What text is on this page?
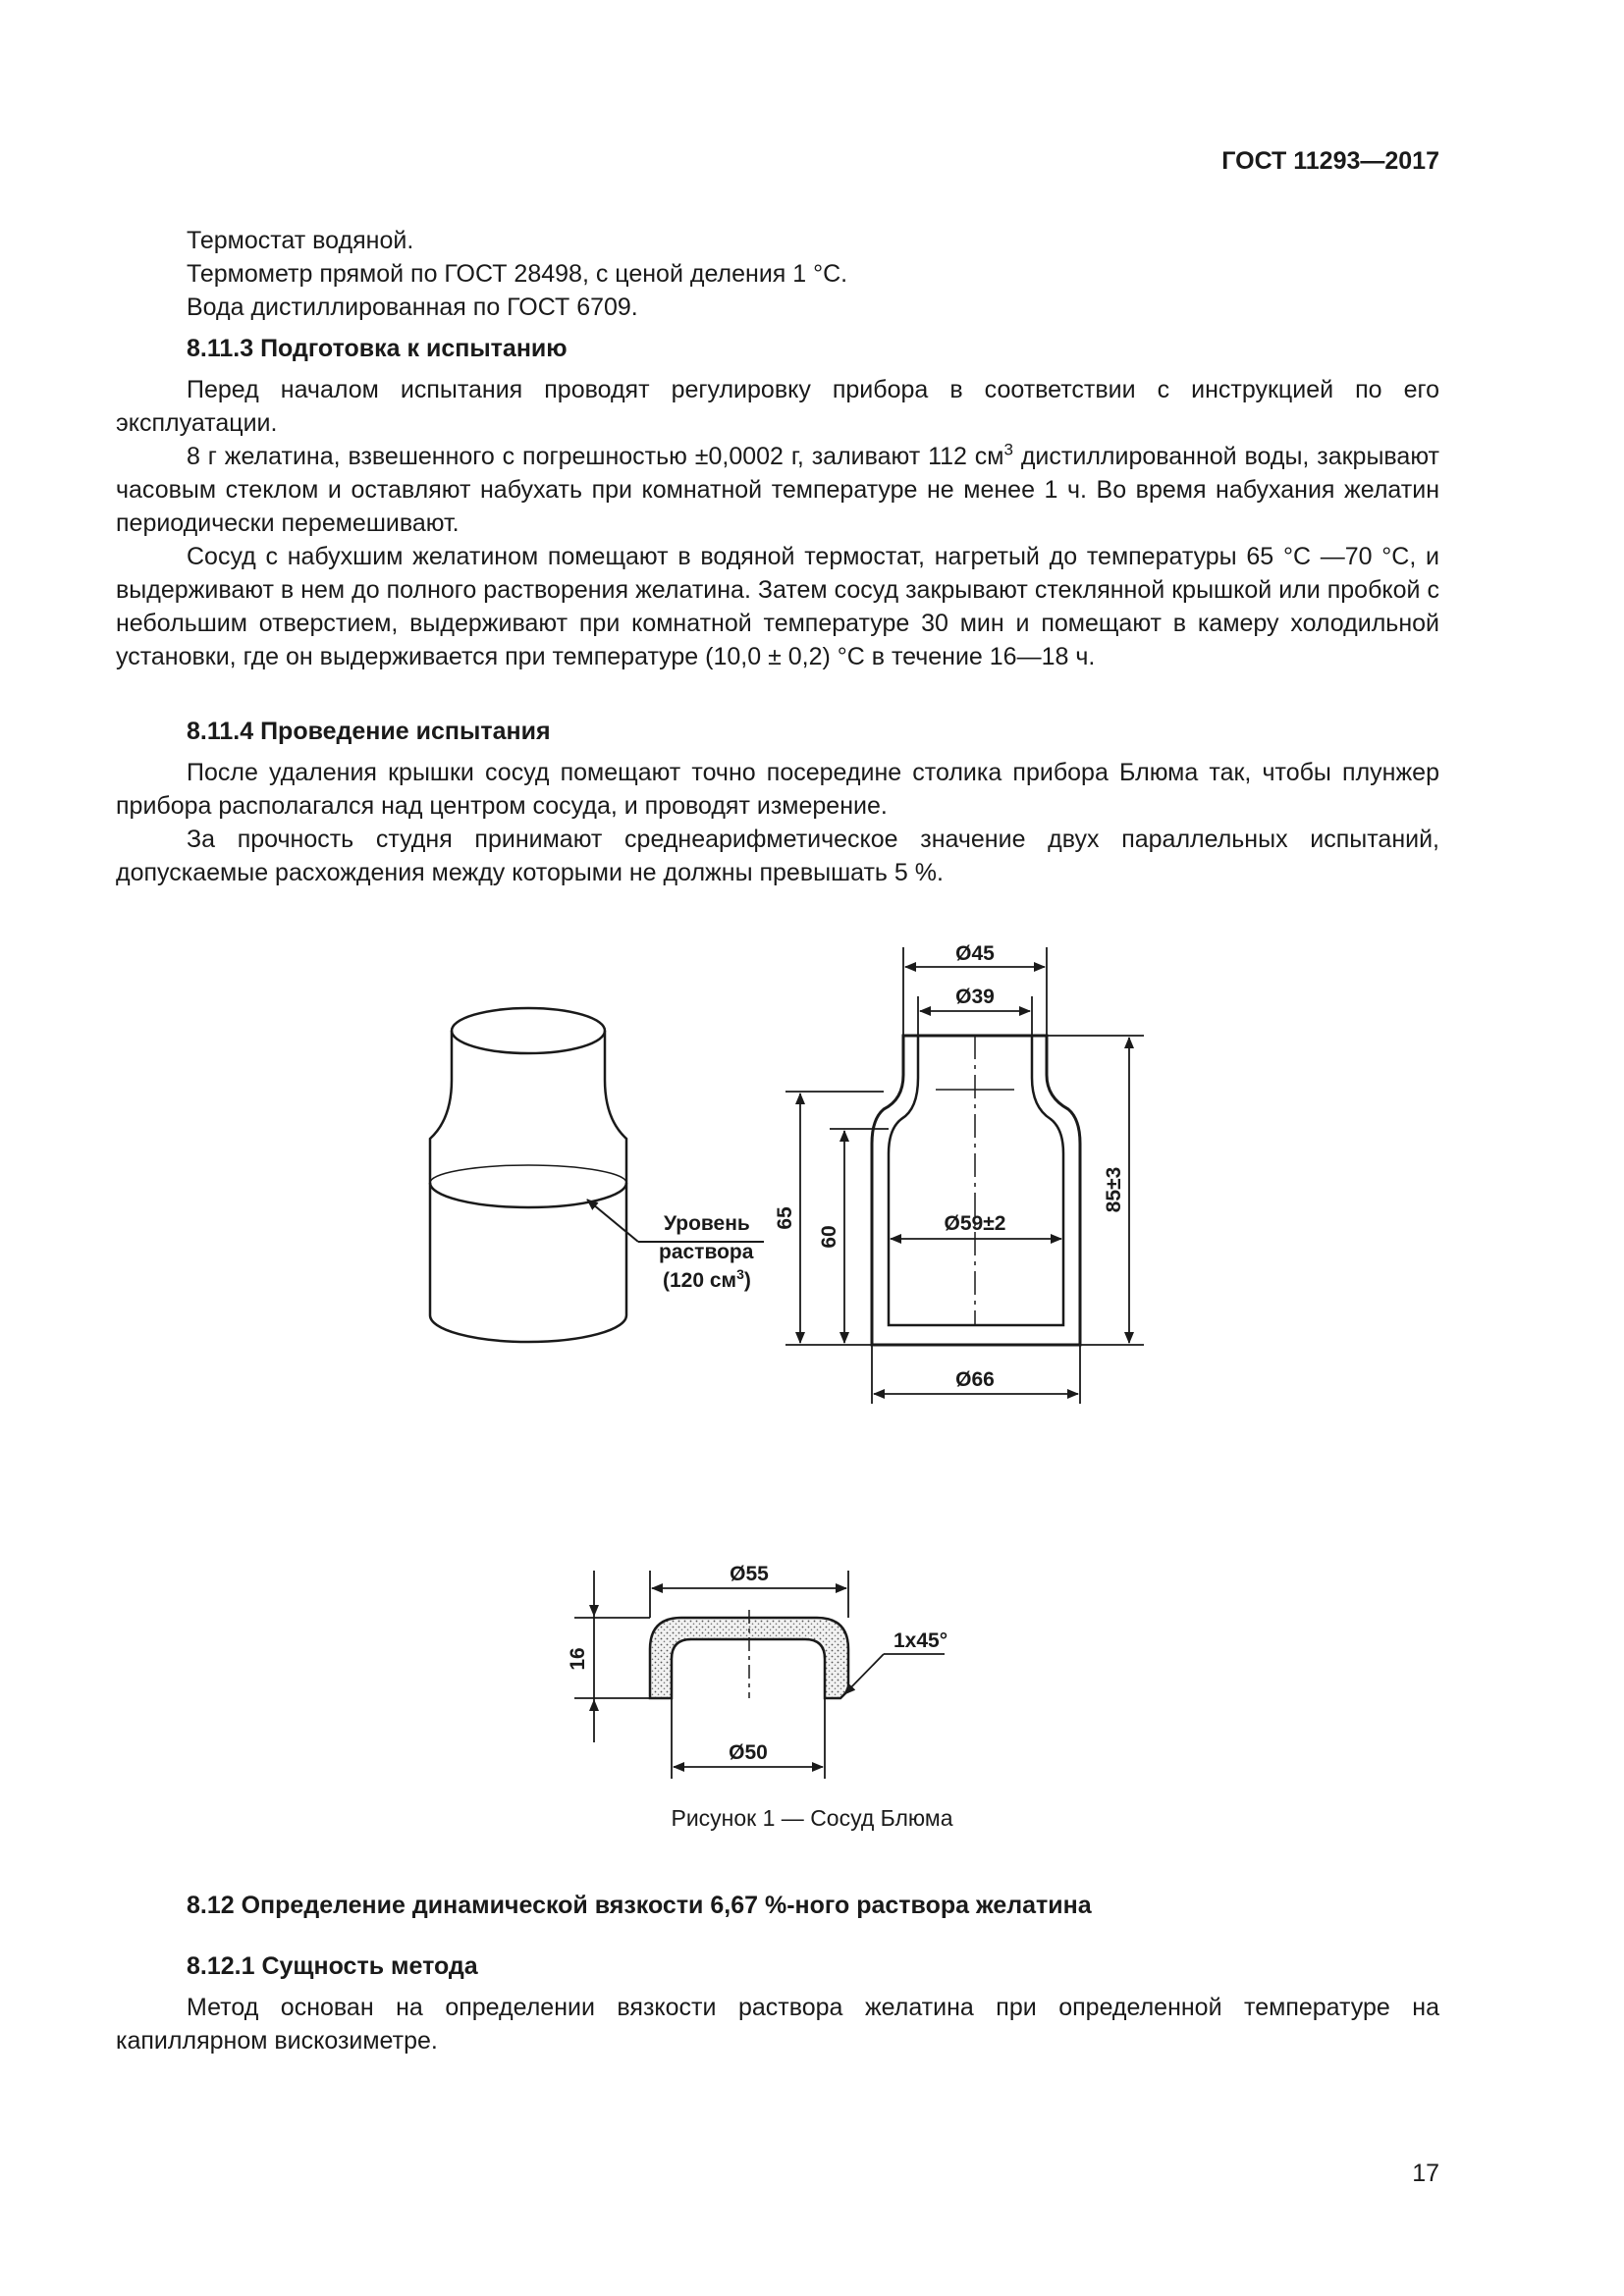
ГОСТ 11293—2017

Термостат водяной.

Термометр прямой по ГОСТ 28498, с ценой деления 1 °С.

Вода дистиллированная по ГОСТ 6709.

8.11.3 Подготовка к испытанию

Перед началом испытания проводят регулировку прибора в соответствии с инструкцией по его эксплуатации.

8 г желатина, взвешенного с погрешностью ±0,0002 г, заливают 112 $см^3$ дистиллированной воды, закрывают часовым стеклом и оставляют набухать при комнатной температуре не менее 1 ч. Во время набухания желатин периодически перемешивают.

Сосуд с набухшим желатином помещают в водяной термостат, нагретый до температуры 65 °С —70 °С, и выдерживают в нем до полного растворения желатина. Затем сосуд закрывают стеклянной крышкой или пробкой с небольшим отверстием, выдерживают при комнатной температуре 30 мин и помещают в камеру холодильной установки, где он выдерживается при температуре (10,0 ± 0,2) °С в течение 16—18 ч.

8.11.4 Проведение испытания

После удаления крышки сосуд помещают точно посередине столика прибора Блюма так, чтобы плунжер прибора располагался над центром сосуда, и проводят измерение.

За прочность студня принимают среднеарифметическое значение двух параллельных испытаний, допускаемые расхождения между которыми не должны превышать 5 %.

Уровень
раствора
(120 $см^3$)
Ø45
Ø39
Ø59±2
Ø66
65
60
85±3
Ø55
Ø50
16
1x45°
Рисунок 1 — Сосуд Блюма

8.12 Определение динамической вязкости 6,67 %-ного раствора желатина

8.12.1 Сущность метода

Метод основан на определении вязкости раствора желатина при определенной температуре на капиллярном вискозиметре.

17
